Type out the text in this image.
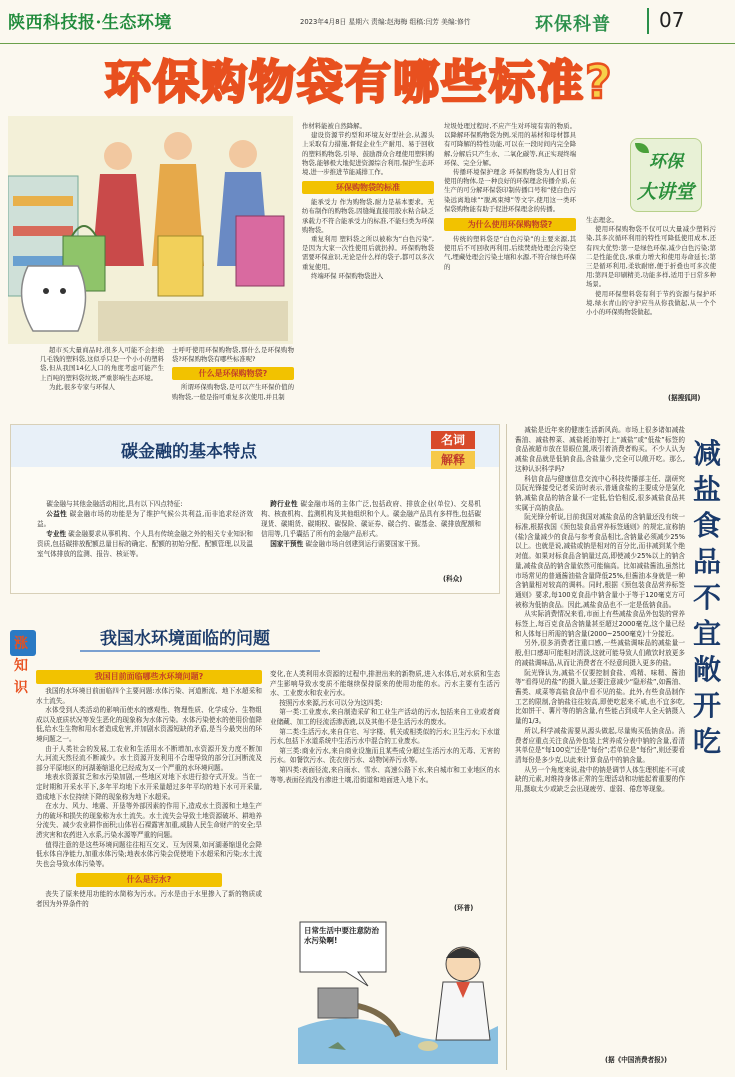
陕西科技报·生态环境	2023年4月8日 星期六 责编:赵海梅 组稿:闫芳 美编:修竹	环保科普 07
环保购物袋有哪些标准?
环保
大讲堂

超市买大量商品时,很多人可能不会拒绝几毛钱的塑料袋,这似乎只是一个小小的塑料袋,但从我国14亿人口的角度考虑可能产生上百吨的塑料袋垃圾,严重影响生态环境。

为此,很多专家与环保人

士呼吁使用环保购物袋,那什么是环保购物袋?环保购物袋有哪些标准呢?

什么是环保购物袋?

所谓环保购物袋,是可以产生环保价值的购物袋,一般是指可重复多次使用,并且制

作材料能被自然降解。

建设资源节约型和环境友好型社会,从源头上采取有力措施,督促企业生产耐用、易于回收的塑料购物袋,引导、鼓励群众合理使用塑料购物袋,能够极大地促进资源综合利用,保护生态环境,进一步推进节能减排工作。

环保购物袋的标准

能承受力 作为购物袋,耐力是基本要求。无纺布制作的购物袋,因缝绳直接用胶水粘合缺乏承载力不符合能承受力的标准,不能归类为环保购物袋。

重复利用 塑料袋之所以被称为“白色污染”,是因为大家一次性使用后就扔掉。环保购物袋需要环保意识,无论是什么样的袋子,都可以多次重复使用。

终端环保 环保购物袋进入

垃圾处理过程时,不应产生对环境有害的物质。以降解环保购物袋为例,采用的基材和母材都具有可降解的特性功能,可以在一段时间内完全降解,分解后只产生水、二氧化碳等,真正实现终端环保、完全分解。

传播环境保护理念 环保购物袋为人们日常使用的物体,是一种良好的环保理念传播介质,在生产的可分解环保袋印制传播口号和“使白色污染远离地球”“脱离束缚”等文字,使用这一类环保袋购物能有助于促进环保理念的传播。

为什么使用环保购物袋?

传统的塑料袋是“白色污染”的主要来源,其使用后不可回收再利用,后续焚烧处理会污染空气,埋藏处理会污染土壤和水源,不符合绿色环保的

生态理念。

使用环保购物袋不仅可以大量减少塑料污染,其多次循环利用的特性可降低使用成本,还有四大优势:第一是绿色环保,减少白色污染;第二是性能优良,承重力增大和使用寿命延长;第三是循环利用,柔软耐磨,便于折叠也可多次使用;第四是印刷精美,功能多样,适用于日常多种场景。

使用环保塑料袋有利于节约资源与保护环境,绿水青山的守护应当从你我做起,从一个个小小的环保购物袋做起。

(据搜狐网)
碳金融的基本特点
名词
解释

碳金融与其他金融活动相比,具有以下四点特征:

公益性 碳金融市场的功能是为了维护气候公共利益,而非追求经济效益。

专业性 碳金融要求从事机构、个人具有传统金融之外的相关专业知识和资质,包括碳排放配额总量目标的确定、配额的初始分配、配额管理,以及温室气体排放的监测、报告、核证等。

跨行业性 碳金融市场的主体广泛,包括政府、排放企业(单位)、交易机构、核查机构、监测机构及其他组织和个人。碳金融产品具有多样性,包括碳现货、碳期货、碳期权、碳保险、碳证券、碳合约、碳基金、碳排放配额和信用等,几乎囊括了所有的金融产品形式。

国家干预性 碳金融市场自创建到运行需要国家干预。

(科众)
涨知识
我国水环境面临的问题
我国目前面临哪些水环境问题?

我国的水环境目前面临四个主要问题:水体污染、河道断流、地下水超采和水土流失。

水体受到人类活动的影响而使水的感观性、物理性质、化学成分、生物组成以及底质状况等发生恶化的现象称为水体污染。水体污染使水的使用价值降低,给水生生物和用水者造成危害,并加剧水资源短缺的矛盾,是当今最突出的环境问题之一。

由于人类社会的发展,工农业和生活用水不断增加,水资源开发力度不断加大,河流天然径流不断减少。水土资源开发利用不合理导致的部分江河断流及部分平原地区的河湖萎缩退化已经成为又一个严重的水环境问题。

地表水资源贫乏和水污染加剧,一些地区对地下水进行掠夺式开发。当在一定时期和开采水平下,多年平均地下水开采量超过多年平均的地下水可开采量,造成地下水位持续下降的现象称为地下水超采。

在水力、风力、地震、开垦等外部因素的作用下,造成水土资源和土地生产力的破坏和损失的现象称为水土流失。水土流失会导致土地资源破坏、耕地养分流失、减少农业耕作面积;山体岩石裸露害加重,威胁人民生命财产的安全;旱涝灾害和农药进入水系,污染水源等严重的问题。

值得注意的是这些环境问题往往相互交叉、互为因果,如河湖萎缩退化会降低水体自净能力,加重水体污染;地表水体污染会促使地下水超采和污染;水土流失也会导致水体污染等。

什么是污水?

丧失了原来使用功能的水简称为污水。污水是由于水里掺入了新的物质或者因为外界条件的

变化,在人类利用水资源的过程中,排泄出来的新物质,进入水体后,对水质和生态产生影响导致水变质不能继续保持原来的使用功能的水。污水主要有生活污水、工业废水和农业污水。

按照污水来源,污水可以分为这四类:

第一类:工业废水,来自制造采矿和工业生产活动的污水,包括来自工业或者商业储藏、加工的径流活渗沥液,以及其他不是生活污水的废水。

第二类:生活污水,来自住宅、写字楼、机关或相类似的污水;卫生污水;下水道污水,包括下水道系统中生活污水中混合的工业废水。

第三类:商业污水,来自商业设施而且某些成分超过生活污水的无毒、无害的污水。如餐饮污水、洗衣房污水、动物饲养污水等。

第四类:表面径流,来自雨水、雪水、高速公路下水,来自城市和工业地区的水等等,表面径流没有渗进土壤,沿街道和地面进入地下水。

(环普)
日常生活中要注意防治水污染啊!

减盐是近年来的健康生活新风尚。市场上很多诸如减盐酱油、减盐榨菜、减盐耗油等打上“减盐”或“低盐”标签的食品被超市放在显眼位置,吸引着消费者购买。不少人认为减盐食品就是低钠食品,含盐量少,完全可以敞开吃。那么,这种认识科学吗?

科信食品与健康信息交流中心科技传播部主任、副研究员阮光锋接受记者采访时表示,普通食盐的主要成分是氯化钠,减盐食品的钠含量不一定低,恰恰相反,很多减盐食品其实属于高钠食品。

阮光锋分析说,目前我国对减盐食品的含钠量还没有统一标准,根据我国《预包装食品营养标签通则》的规定,宣称钠(盐)含量减少的食品与参考食品相比,含钠量必须减少25%以上。也就是说,减盐或钠是相对的百分比,而非减到某个绝对值。如果对标食品含钠量过高,即使减少25%以上的钠含量,减盐食品的钠含量依然可能偏高。比如减盐酱油,虽然比市场常见的普通酱油盐含量降低25%,但酱油本身就是一种含钠量相对较高的调料。同时,根据《预包装食品营养标签通则》要求,每100克食品中钠含量小于等于120毫克方可被称为低钠食品。因此,减盐食品也不一定是低钠食品。

从实际消费情况来看,市面上有些减盐食品外包装的营养标签上,每百克食品含钠量甚至超过2000毫克,这个量已经和人体每日所需的钠含量(2000~2500毫克)十分接近。

另外,很多消费者注重口感,一些减盐调味品的减盐量一般,但口感却可能相对清淡,这就可能导致人们敞饮时放更多的减盐调味品,从而让消费者在不经意间摄入更多的盐。

阮光锋认为,减盐不仅要控制食盐、鸡精、味精、酱油等“看得见的盐”的摄入量,还要注意减少“隐形盐”,如酱油、酱类、咸菜等高盐食品中看不见的盐。此外,有些食品制作工艺的限制,含钠盐往往较高,即使吃起来不咸,也不宜多吃,比如饼干、薯片等的钠含量,有些能占到成年人全天钠摄入量的1/3。

所以,科学减盐需要从源头做起,尽量购买低钠食品。消费者应重点关注食品外包装上营养成分表中钠的含量,看清其单位是“每100克”还是“每份”;若单位是“每份”,则还要看清每份是多少克,以此来计算食品中的钠含量。

从另一个角度来说,盐中的钠是调节人体生理机能不可或缺的元素,对维持身体正常的生理活动和功能起着重要的作用,摄取太少或缺乏会出现疲劳、虚弱、倦怠等现象。

减盐食品不宜敞开吃
(据《中国消费者报》)
